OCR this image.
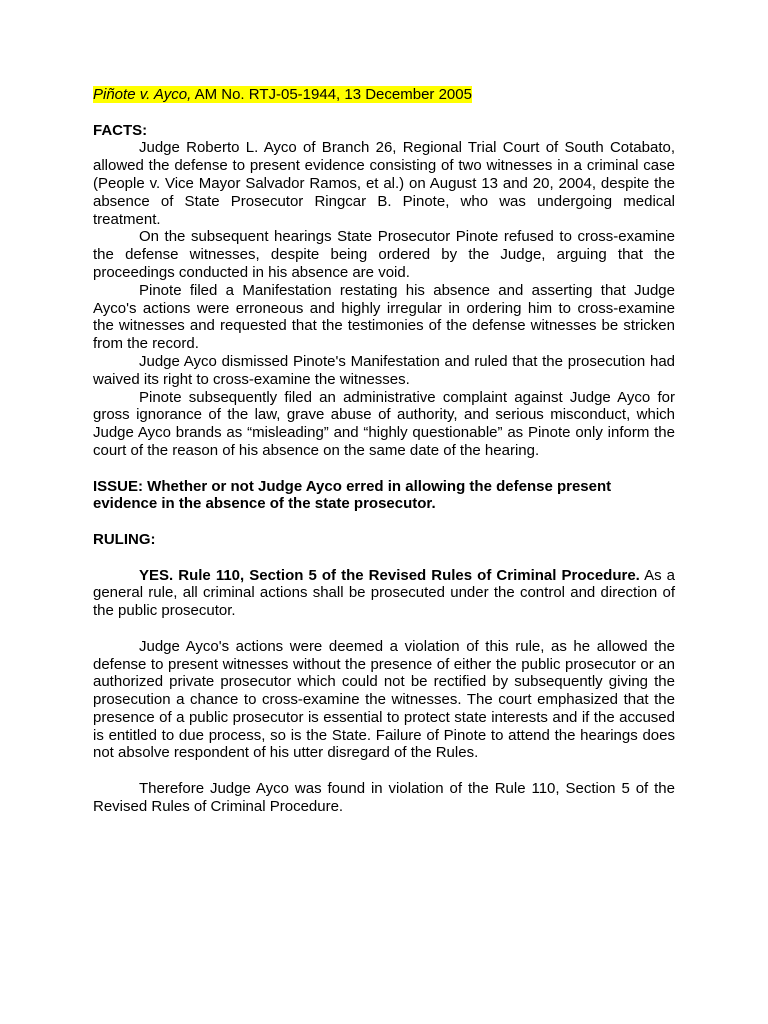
Piñote v. Ayco, AM No. RTJ-05-1944, 13 December 2005

FACTS:

Judge Roberto L. Ayco of Branch 26, Regional Trial Court of South Cotabato, allowed the defense to present evidence consisting of two witnesses in a criminal case (People v. Vice Mayor Salvador Ramos, et al.) on August 13 and 20, 2004, despite the absence of State Prosecutor Ringcar B. Pinote, who was undergoing medical treatment.

On the subsequent hearings State Prosecutor Pinote refused to cross-examine the defense witnesses, despite being ordered by the Judge, arguing that the proceedings conducted in his absence are void.

Pinote filed a Manifestation restating his absence and asserting that Judge Ayco's actions were erroneous and highly irregular in ordering him to cross-examine the witnesses and requested that the testimonies of the defense witnesses be stricken from the record.

Judge Ayco dismissed Pinote's Manifestation and ruled that the prosecution had waived its right to cross-examine the witnesses.

Pinote subsequently filed an administrative complaint against Judge Ayco for gross ignorance of the law, grave abuse of authority, and serious misconduct, which Judge Ayco brands as “misleading” and “highly questionable” as Pinote only inform the court of the reason of his absence on the same date of the hearing.

ISSUE: Whether or not Judge Ayco erred in allowing the defense present evidence in the absence of the state prosecutor.

RULING:

YES. Rule 110, Section 5 of the Revised Rules of Criminal Procedure. As a general rule, all criminal actions shall be prosecuted under the control and direction of the public prosecutor.

Judge Ayco's actions were deemed a violation of this rule, as he allowed the defense to present witnesses without the presence of either the public prosecutor or an authorized private prosecutor which could not be rectified by subsequently giving the prosecution a chance to cross-examine the witnesses. The court emphasized that the presence of a public prosecutor is essential to protect state interests and if the accused is entitled to due process, so is the State. Failure of Pinote to attend the hearings does not absolve respondent of his utter disregard of the Rules.

Therefore Judge Ayco was found in violation of the Rule 110, Section 5 of the Revised Rules of Criminal Procedure.
